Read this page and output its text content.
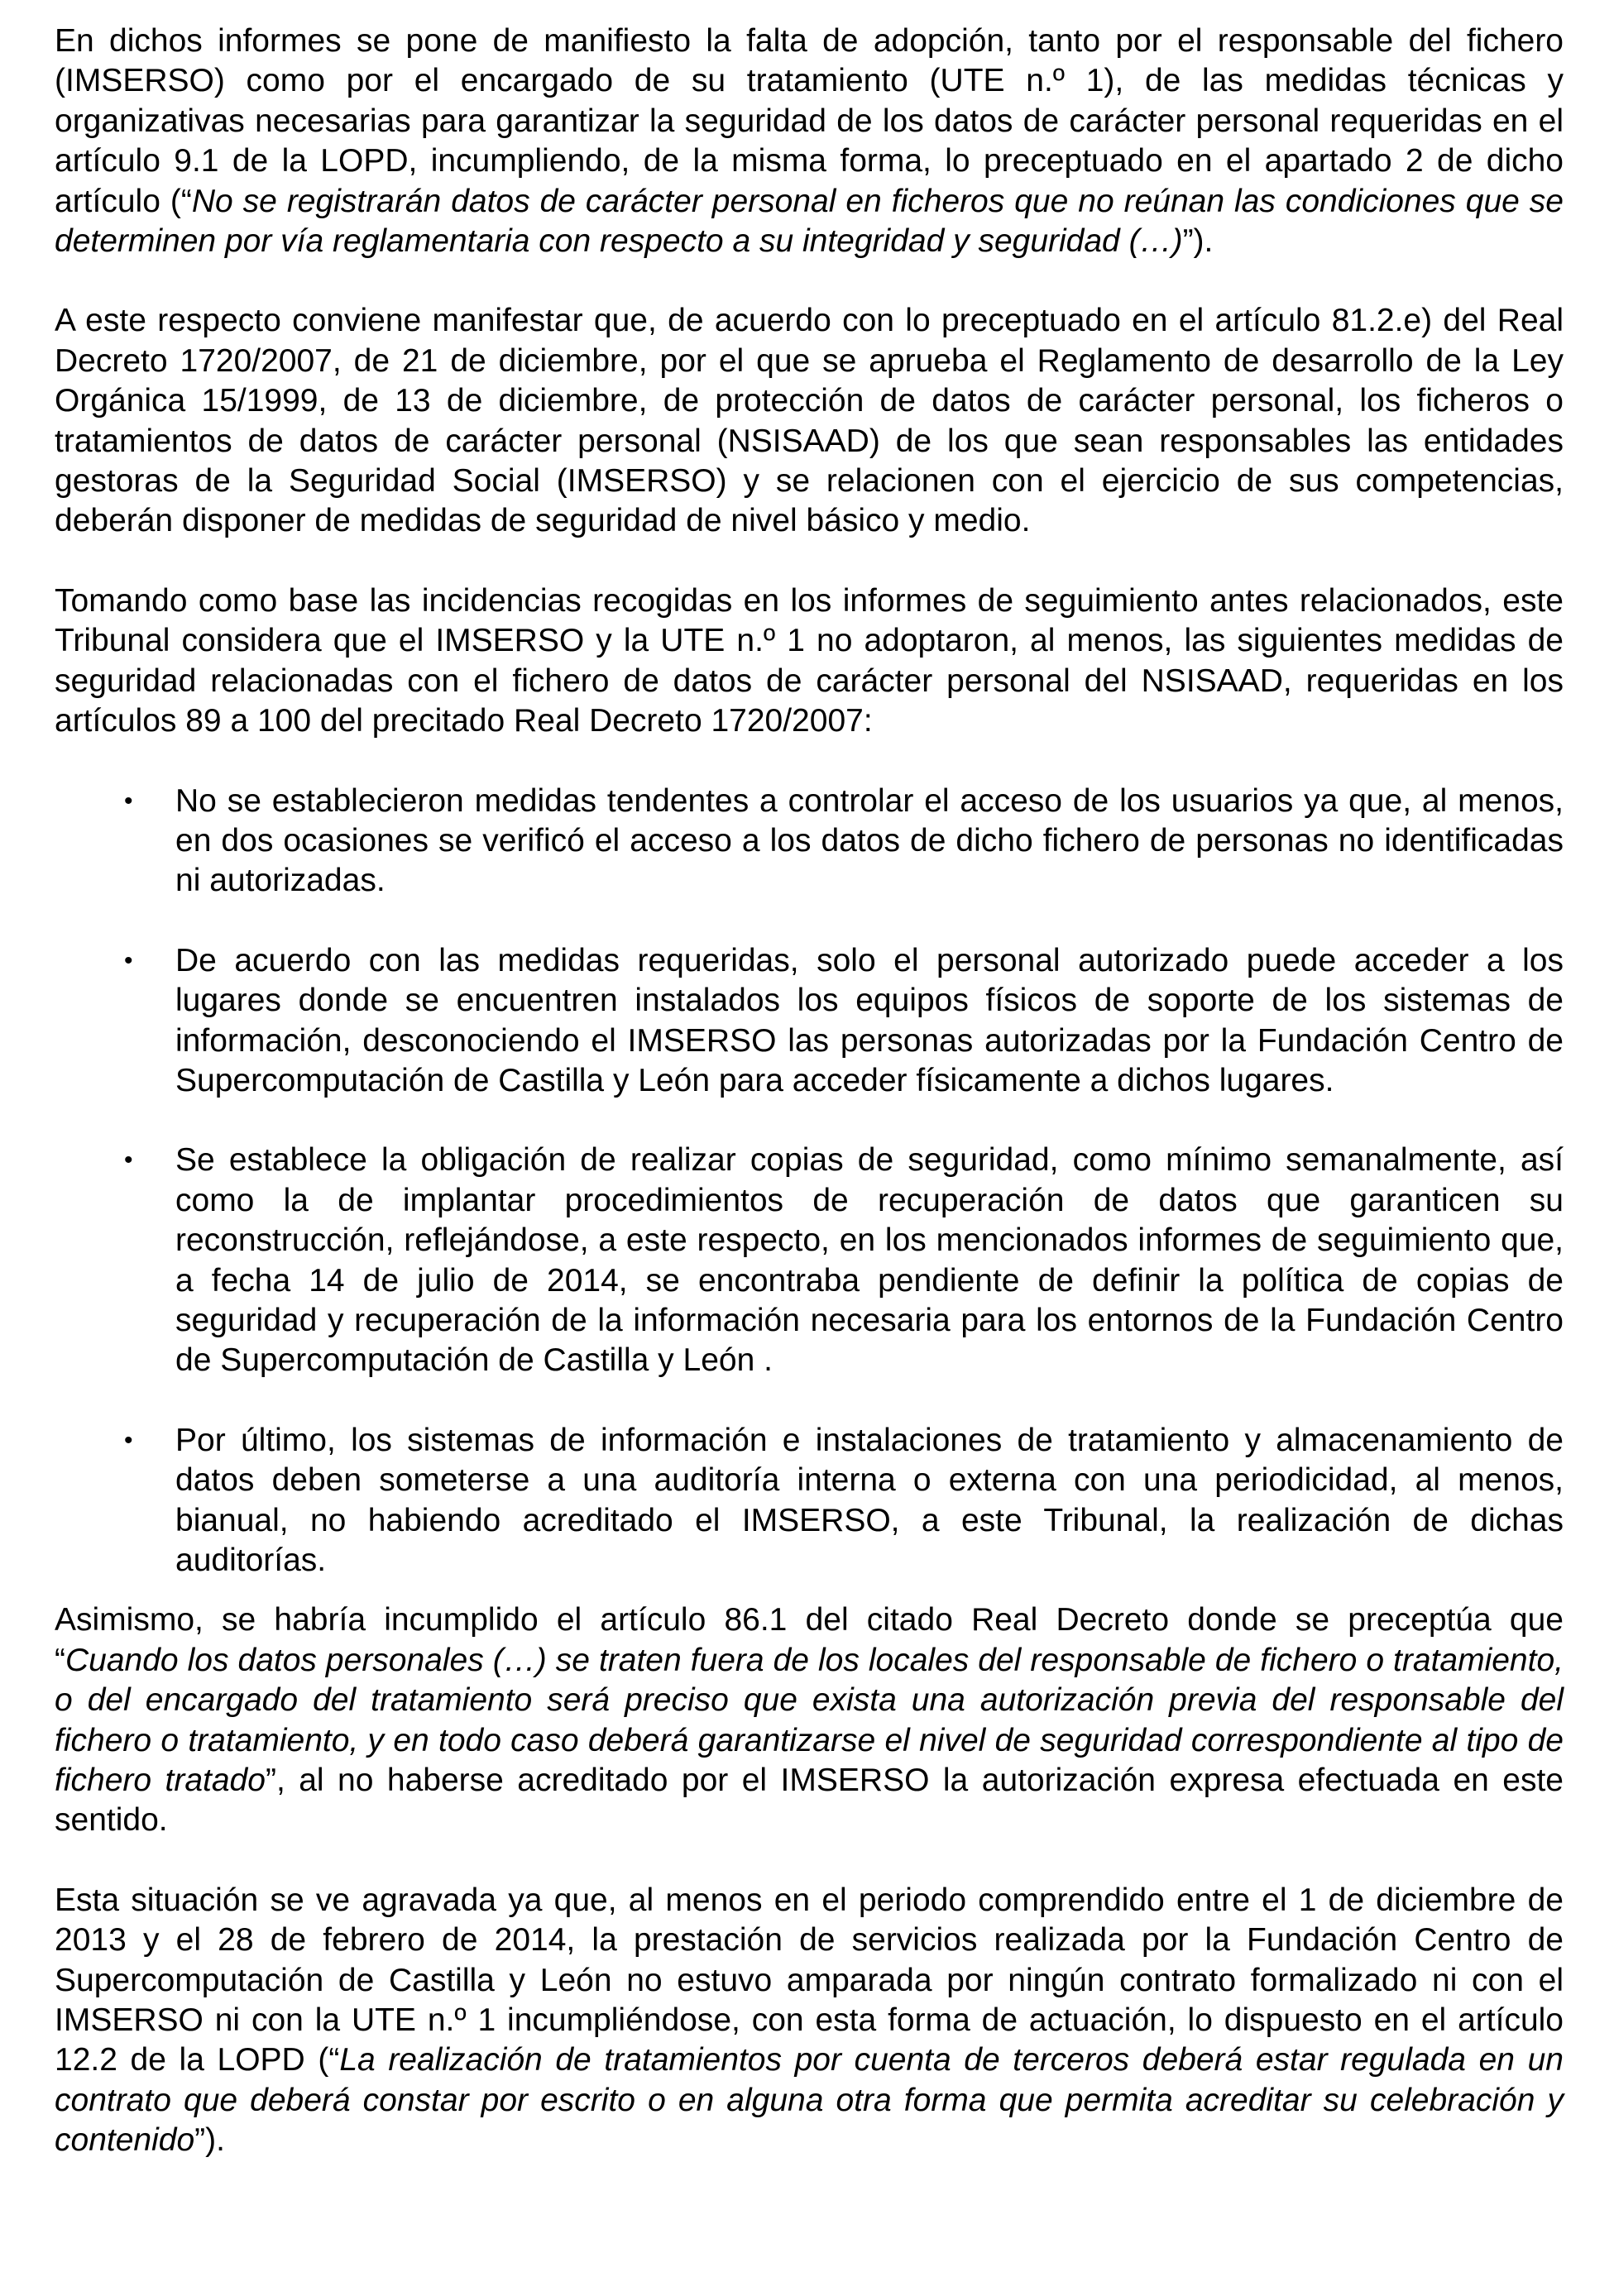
En dichos informes se pone de manifiesto la falta de adopción, tanto por el responsable del fichero (IMSERSO) como por el encargado de su tratamiento (UTE n.º 1), de las medidas técnicas y organizativas necesarias para garantizar la seguridad de los datos de carácter personal requeridas en el artículo 9.1 de la LOPD, incumpliendo, de la misma forma, lo preceptuado en el apartado 2 de dicho artículo (“No se registrarán datos de carácter personal en ficheros que no reúnan las condiciones que se determinen por vía reglamentaria con respecto a su integridad y seguridad (…)”).

A este respecto conviene manifestar que, de acuerdo con lo preceptuado en el artículo 81.2.e) del Real Decreto 1720/2007, de 21 de diciembre, por el que se aprueba el Reglamento de desarrollo de la Ley Orgánica 15/1999, de 13 de diciembre, de protección de datos de carácter personal, los ficheros o tratamientos de datos de carácter personal (NSISAAD) de los que sean responsables las entidades gestoras de la Seguridad Social (IMSERSO) y se relacionen con el ejercicio de sus competencias, deberán disponer de medidas de seguridad de nivel básico y medio.

Tomando como base las incidencias recogidas en los informes de seguimiento antes relacionados, este Tribunal considera que el IMSERSO y la UTE n.º 1 no adoptaron, al menos, las siguientes medidas de seguridad relacionadas con el fichero de datos de carácter personal del NSISAAD, requeridas en los artículos 89 a 100 del precitado Real Decreto 1720/2007:

• No se establecieron medidas tendentes a controlar el acceso de los usuarios ya que, al menos, en dos ocasiones se verificó el acceso a los datos de dicho fichero de personas no identificadas ni autorizadas.
• De acuerdo con las medidas requeridas, solo el personal autorizado puede acceder a los lugares donde se encuentren instalados los equipos físicos de soporte de los sistemas de información, desconociendo el IMSERSO las personas autorizadas por la Fundación Centro de Supercomputación de Castilla y León para acceder físicamente a dichos lugares.
• Se establece la obligación de realizar copias de seguridad, como mínimo semanalmente, así como la de implantar procedimientos de recuperación de datos que garanticen su reconstrucción, reflejándose, a este respecto, en los mencionados informes de seguimiento que, a fecha 14 de julio de 2014, se encontraba pendiente de definir la política de copias de seguridad y recuperación de la información necesaria para los entornos de la Fundación Centro de Supercomputación de Castilla y León .
• Por último, los sistemas de información e instalaciones de tratamiento y almacenamiento de datos deben someterse a una auditoría interna o externa con una periodicidad, al menos, bianual, no habiendo acreditado el IMSERSO, a este Tribunal, la realización de dichas auditorías.

Asimismo, se habría incumplido el artículo 86.1 del citado Real Decreto donde se preceptúa que “Cuando los datos personales (…) se traten fuera de los locales del responsable de fichero o tratamiento, o del encargado del tratamiento será preciso que exista una autorización previa del responsable del fichero o tratamiento, y en todo caso deberá garantizarse el nivel de seguridad correspondiente al tipo de fichero tratado”, al no haberse acreditado por el IMSERSO la autorización expresa efectuada en este sentido.

Esta situación se ve agravada ya que, al menos en el periodo comprendido entre el 1 de diciembre de 2013 y el 28 de febrero de 2014, la prestación de servicios realizada por la Fundación Centro de Supercomputación de Castilla y León no estuvo amparada por ningún contrato formalizado ni con el IMSERSO ni con la UTE n.º 1 incumpliéndose, con esta forma de actuación, lo dispuesto en el artículo 12.2 de la LOPD (“La realización de tratamientos por cuenta de terceros deberá estar regulada en un contrato que deberá constar por escrito o en alguna otra forma que permita acreditar su celebración y contenido”).
